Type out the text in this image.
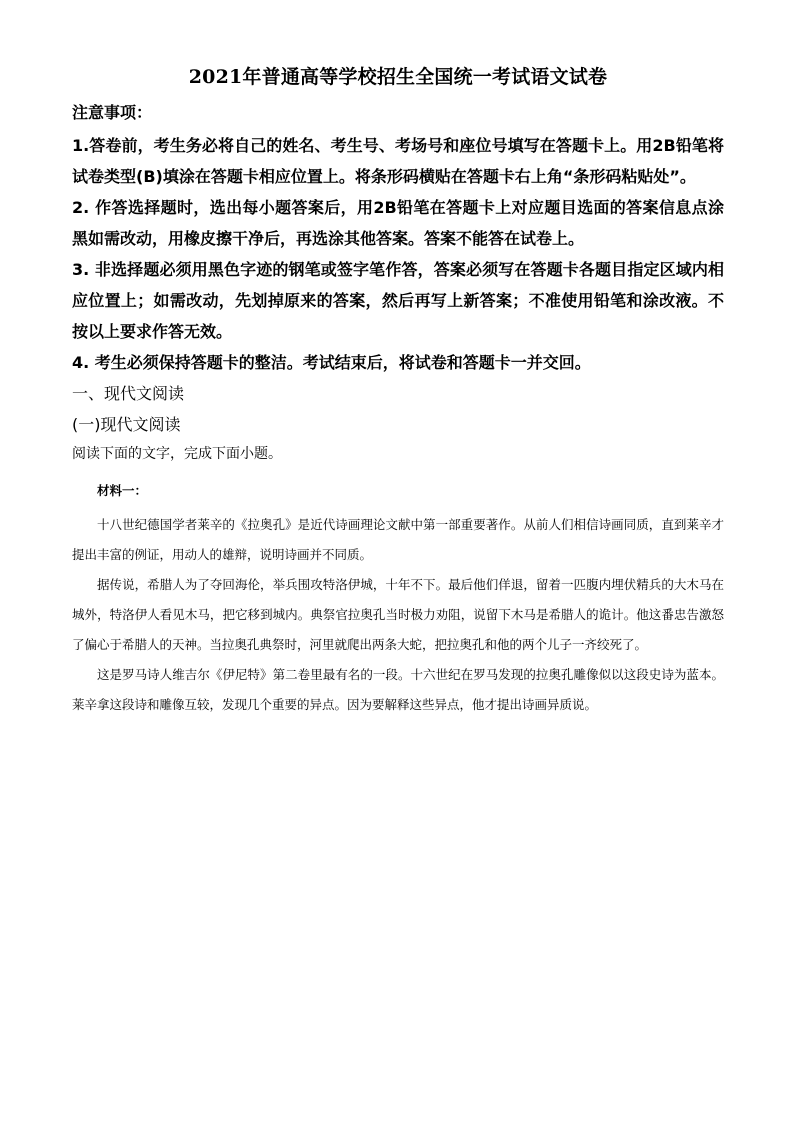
2021年普通高等学校招生全国统一考试语文试卷

注意事项：

1.答卷前，考生务必将自己的姓名、考生号、考场号和座位号填写在答题卡上。用2B铅笔将试卷类型(B)填涂在答题卡相应位置上。将条形码横贴在答题卡右上角“条形码粘贴处”。

2. 作答选择题时，选出每小题答案后，用2B铅笔在答题卡上对应题目选面的答案信息点涂黑如需改动，用橡皮擦干净后，再选涂其他答案。答案不能答在试卷上。

3. 非选择题必须用黑色字迹的钢笔或签字笔作答，答案必须写在答题卡各题目指定区域内相应位置上；如需改动，先划掉原来的答案，然后再写上新答案；不准使用铅笔和涂改液。不按以上要求作答无效。

4. 考生必须保持答题卡的整洁。考试结束后，将试卷和答题卡一并交回。

一、现代文阅读

(一)现代文阅读

阅读下面的文字，完成下面小题。

材料一：

十八世纪德国学者莱辛的《拉奥孔》是近代诗画理论文献中第一部重要著作。从前人们相信诗画同质，直到莱辛才提出丰富的例证，用动人的雄辩，说明诗画并不同质。

据传说，希腊人为了夺回海伦，举兵围攻特洛伊城，十年不下。最后他们佯退，留着一匹腹内埋伏精兵的大木马在城外，特洛伊人看见木马，把它移到城内。典祭官拉奥孔当时极力劝阻，说留下木马是希腊人的诡计。他这番忠告激怒了偏心于希腊人的天神。当拉奥孔典祭时，河里就爬出两条大蛇，把拉奥孔和他的两个儿子一齐绞死了。

这是罗马诗人维吉尔《伊尼特》第二卷里最有名的一段。十六世纪在罗马发现的拉奥孔雕像似以这段史诗为蓝本。莱辛拿这段诗和雕像互较，发现几个重要的异点。因为要解释这些异点，他才提出诗画异质说。
